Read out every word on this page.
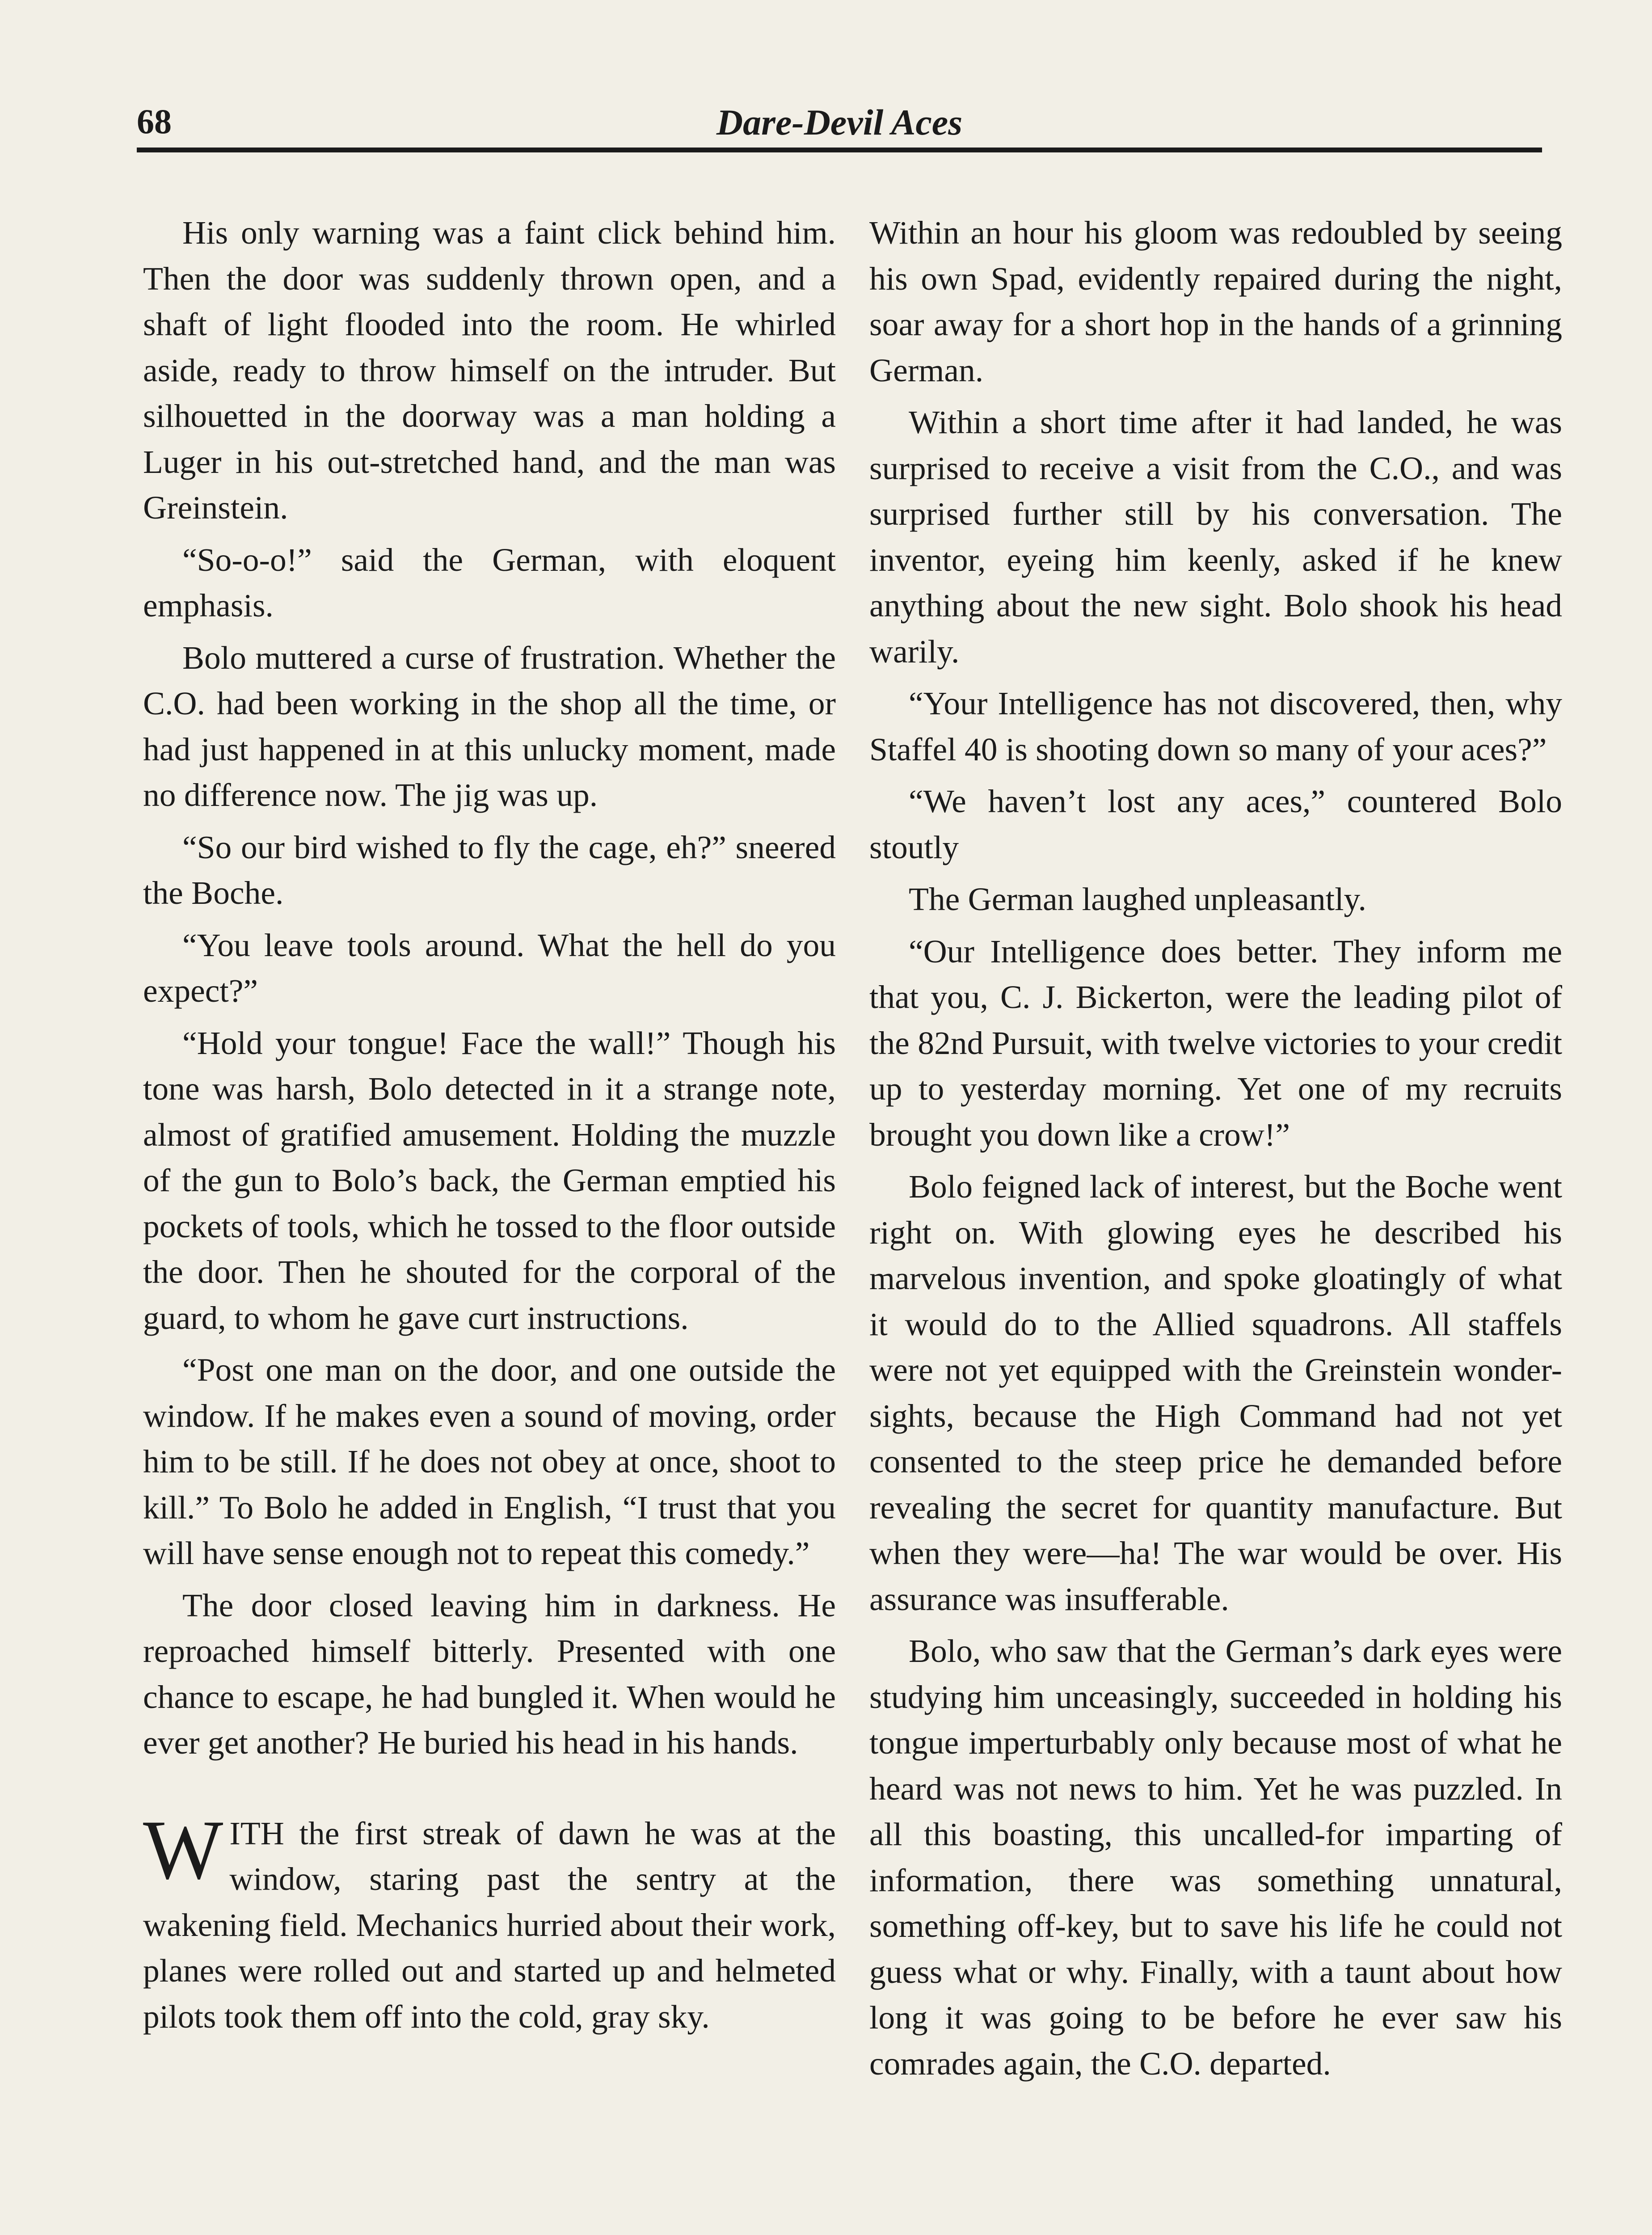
68	Dare-Devil Aces

His only warning was a faint click behind him. Then the door was suddenly thrown open, and a shaft of light flooded into the room. He whirled aside, ready to throw himself on the intruder. But silhouetted in the doorway was a man holding a Luger in his out-stretched hand, and the man was Greinstein.

“So-o-o!” said the German, with eloquent emphasis.

Bolo muttered a curse of frustration. Whether the C.O. had been working in the shop all the time, or had just happened in at this unlucky moment, made no difference now. The jig was up.

“So our bird wished to fly the cage, eh?” sneered the Boche.

“You leave tools around. What the hell do you expect?”

“Hold your tongue! Face the wall!” Though his tone was harsh, Bolo detected in it a strange note, almost of gratified amusement. Holding the muzzle of the gun to Bolo’s back, the German emptied his pockets of tools, which he tossed to the floor outside the door. Then he shouted for the corporal of the guard, to whom he gave curt instructions.

“Post one man on the door, and one outside the window. If he makes even a sound of moving, order him to be still. If he does not obey at once, shoot to kill.” To Bolo he added in English, “I trust that you will have sense enough not to repeat this comedy.”

The door closed leaving him in darkness. He reproached himself bitterly. Presented with one chance to escape, he had bungled it. When would he ever get another? He buried his head in his hands.

WITH the first streak of dawn he was at the window, staring past the sentry at the wakening field. Mechanics hurried about their work, planes were rolled out and started up and helmeted pilots took them off into the cold, gray sky.

Within an hour his gloom was redoubled by seeing his own Spad, evidently repaired during the night, soar away for a short hop in the hands of a grinning German.

Within a short time after it had landed, he was surprised to receive a visit from the C.O., and was surprised further still by his conversation. The inventor, eyeing him keenly, asked if he knew anything about the new sight. Bolo shook his head warily.

“Your Intelligence has not discovered, then, why Staffel 40 is shooting down so many of your aces?”

“We haven’t lost any aces,” countered Bolo stoutly

The German laughed unpleasantly.

“Our Intelligence does better. They inform me that you, C. J. Bickerton, were the leading pilot of the 82nd Pursuit, with twelve victories to your credit up to yesterday morning. Yet one of my recruits brought you down like a crow!”

Bolo feigned lack of interest, but the Boche went right on. With glowing eyes he described his marvelous invention, and spoke gloatingly of what it would do to the Allied squadrons. All staffels were not yet equipped with the Greinstein wonder-sights, because the High Command had not yet consented to the steep price he demanded before revealing the secret for quantity manufacture. But when they were—ha! The war would be over. His assurance was insufferable.

Bolo, who saw that the German’s dark eyes were studying him unceasingly, succeeded in holding his tongue imperturbably only because most of what he heard was not news to him. Yet he was puzzled. In all this boasting, this uncalled-for imparting of information, there was something unnatural, something off-key, but to save his life he could not guess what or why. Finally, with a taunt about how long it was going to be before he ever saw his comrades again, the C.O. departed.
